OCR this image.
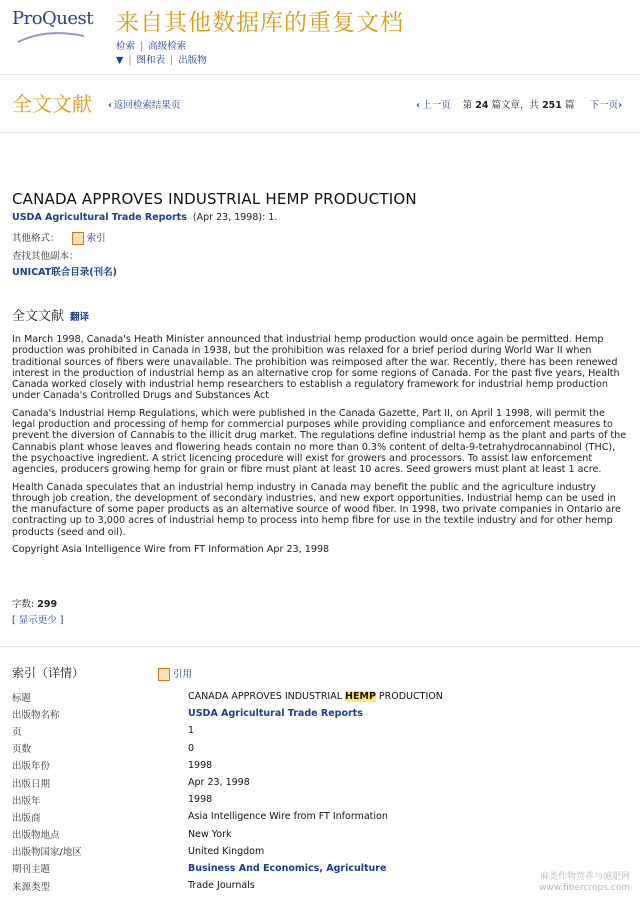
ProQuest 来自其他数据库的重复文档
检索 | 高级检索
▼ | 图和表 | 出版物
全文文献 ‹ 返回检索结果页	‹ 上一页 第 24 篇文章，共 251 篇 下一页›
CANADA APPROVES INDUSTRIAL HEMP PRODUCTION
USDA Agricultural Trade Reports (Apr 23, 1998): 1.
其他格式：	索引
查找其他副本：
UNICAT联合目录(刊名)
全文文献 翻译

In March 1998, Canada's Heath Minister announced that industrial hemp production would once again be permitted. Hemp production was prohibited in Canada in 1938, but the prohibition was relaxed for a brief period during World War II when traditional sources of fibers were unavailable. The prohibition was reimposed after the war. Recently, there has been renewed interest in the production of industrial hemp as an alternative crop for some regions of Canada. For the past five years, Health Canada worked closely with industrial hemp researchers to establish a regulatory framework for industrial hemp production under Canada's Controlled Drugs and Substances Act

Canada's Industrial Hemp Regulations, which were published in the Canada Gazette, Part II, on April 1 1998, will permit the legal production and processing of hemp for commercial purposes while providing compliance and enforcement measures to prevent the diversion of Cannabis to the illicit drug market. The regulations define industrial hemp as the plant and parts of the Cannabis plant whose leaves and flowering heads contain no more than 0.3% content of delta-9-tetrahydrocannabinol (THC), the psychoactive ingredient. A strict licencing procedure will exist for growers and processors. To assist law enforcement agencies, producers growing hemp for grain or fibre must plant at least 10 acres. Seed growers must plant at least 1 acre.

Health Canada speculates that an industrial hemp industry in Canada may benefit the public and the agriculture industry through job creation, the development of secondary industries, and new export opportunities. Industrial hemp can be used in the manufacture of some paper products as an alternative source of wood fiber. In 1998, two private companies in Ontario are contracting up to 3,000 acres of industrial hemp to process into hemp fibre for use in the textile industry and for other hemp products (seed and oil).

Copyright Asia Intelligence Wire from FT Information Apr 23, 1998

字数: 299
[ 显示更少 ]
索引（详情）	引用
标题	CANADA APPROVES INDUSTRIAL HEMP PRODUCTION
出版物名称	USDA Agricultural Trade Reports
页	1
页数	0
出版年份	1998
出版日期	Apr 23, 1998
出版年	1998
出版商	Asia Intelligence Wire from FT Information
出版物地点	New York
出版物国家/地区	United Kingdom
期刊主题	Business And Economics, Agriculture
来源类型	Trade Journals
麻类作物营养与施肥网
www.fibercrops.com
